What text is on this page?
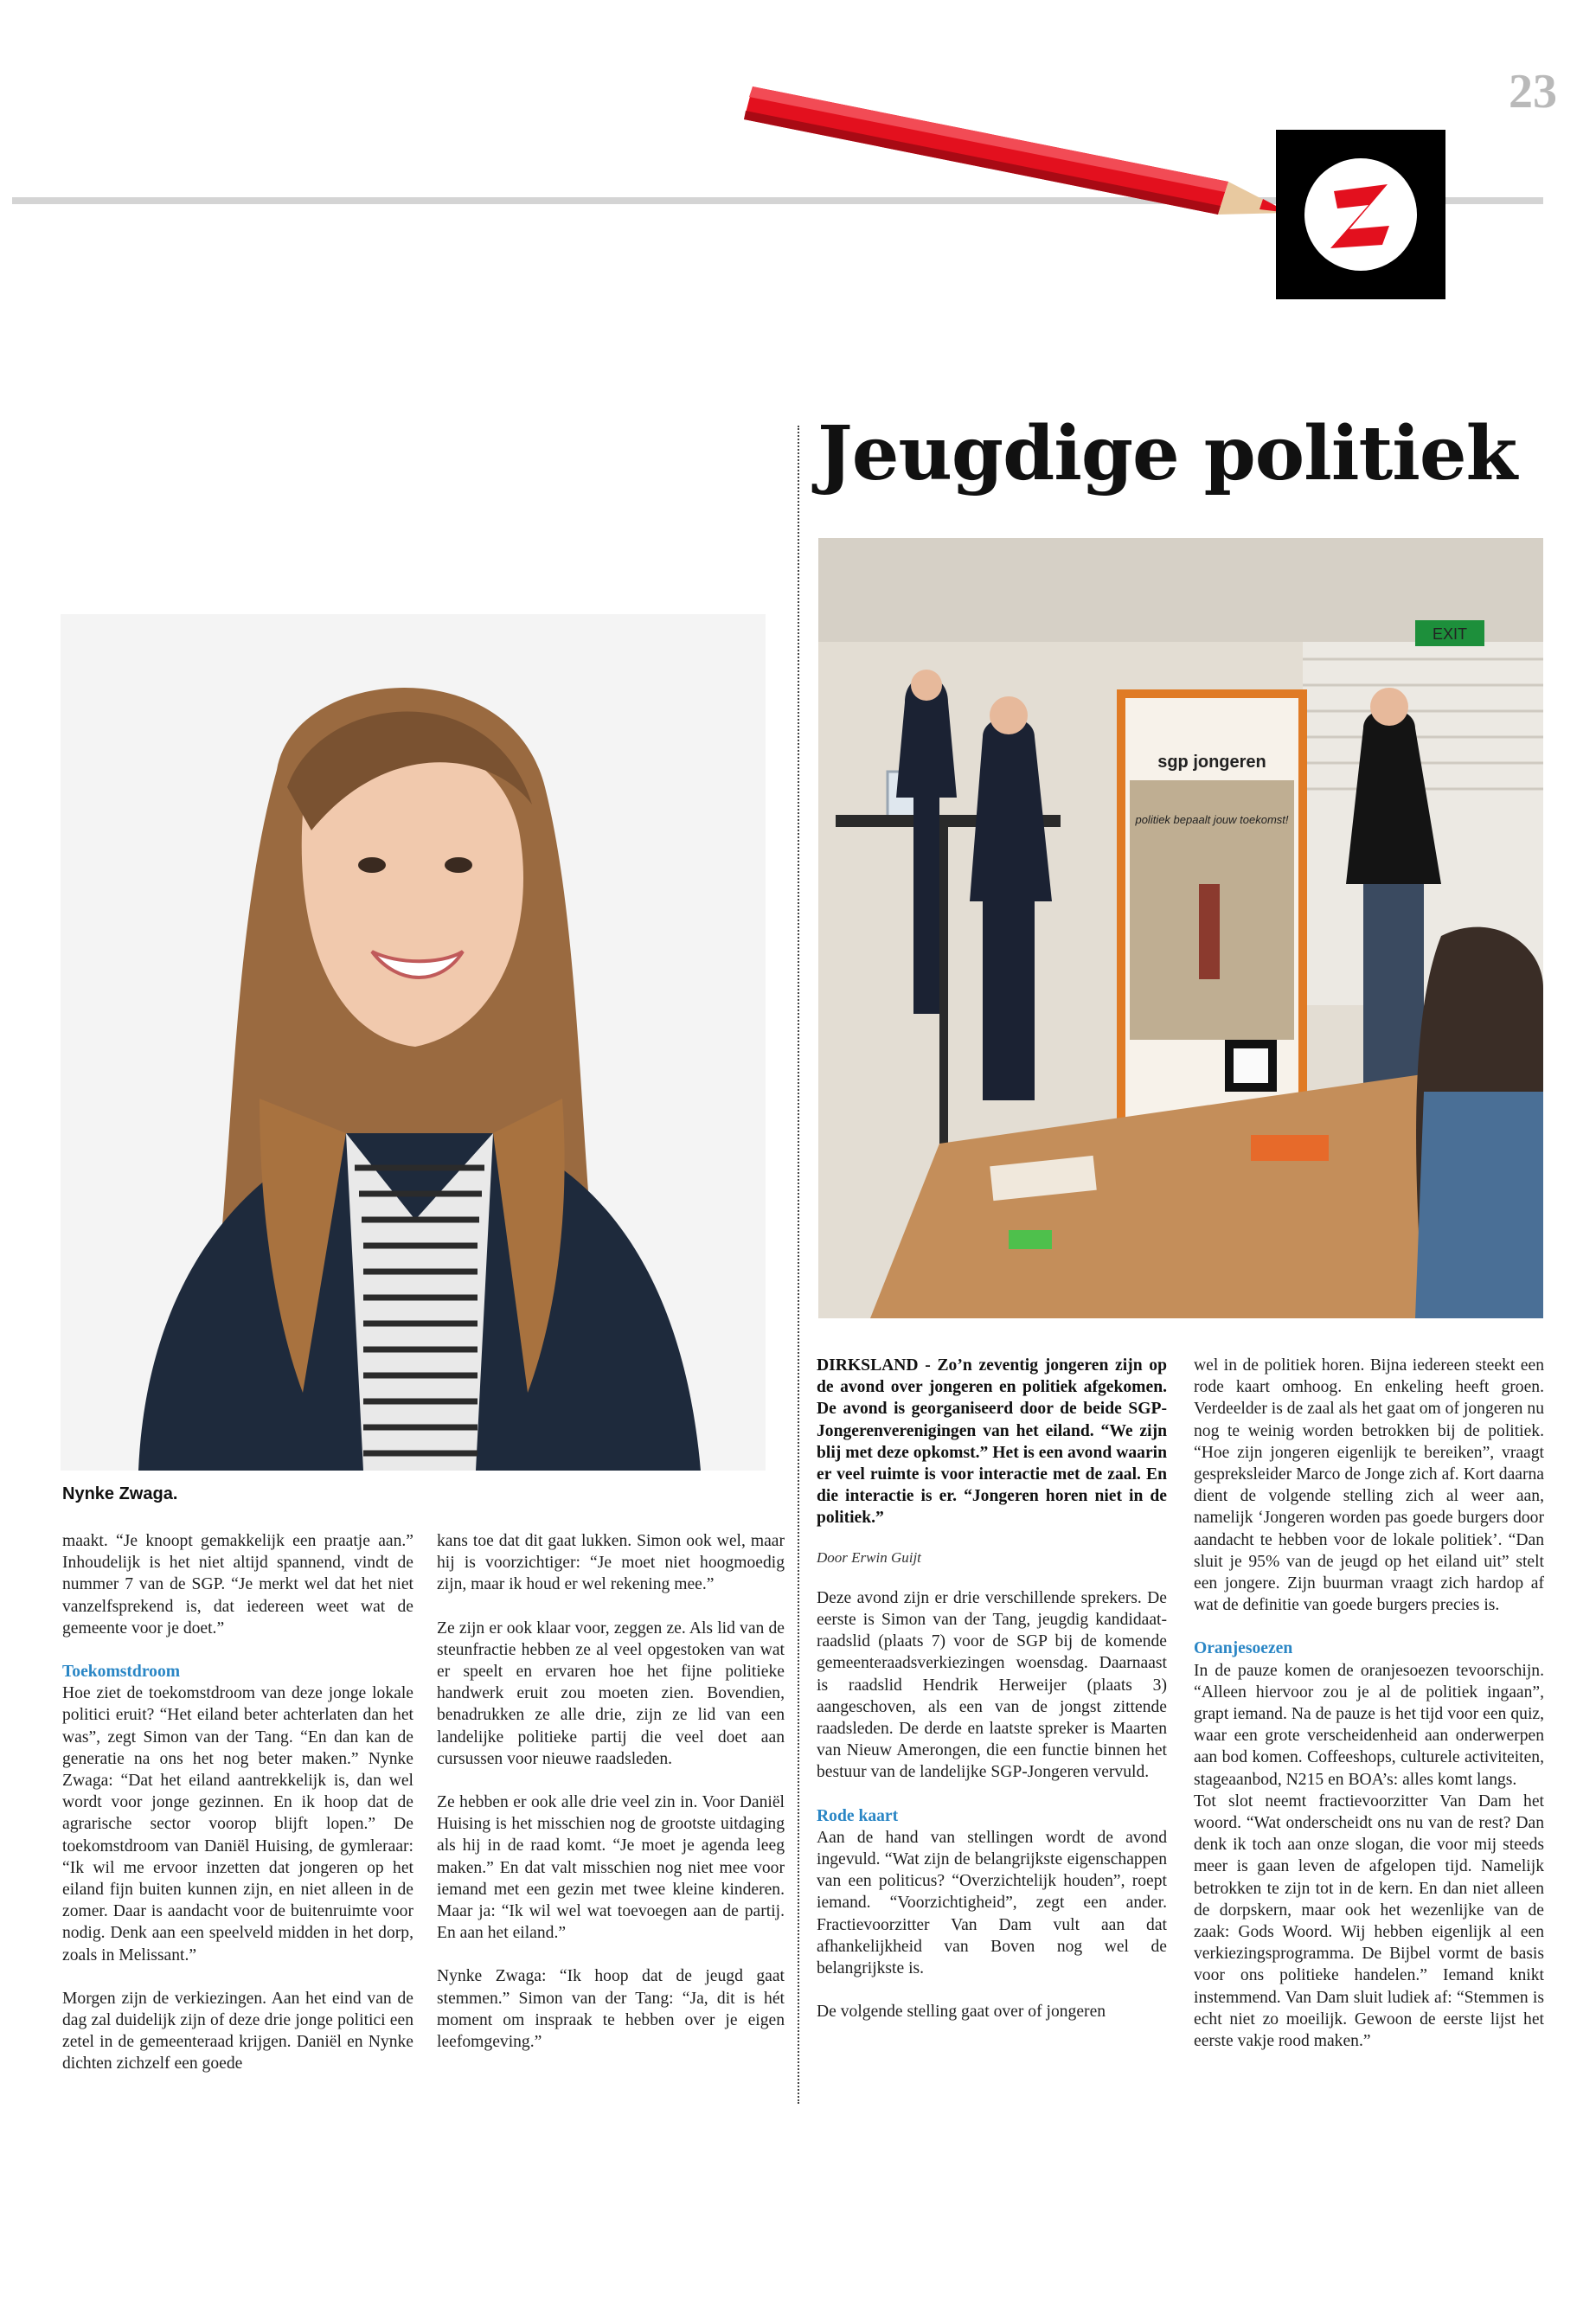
23
Jeugdige politiek
Nynke Zwaga.
EXIT
sgp jongeren
politiek bepaalt jouw toekomst!

maakt. “Je knoopt gemakkelijk een praatje aan.” Inhoudelijk is het niet altijd spannend, vindt de nummer 7 van de SGP. “Je merkt wel dat het niet vanzelfsprekend is, dat iedereen weet wat de gemeente voor je doet.”

Toekomstdroom
Hoe ziet de toekomstdroom van deze jonge lokale politici eruit? “Het eiland beter achterlaten dan het was”, zegt Simon van der Tang. “En dan kan de generatie na ons het nog beter maken.” Nynke Zwaga: “Dat het eiland aantrekkelijk is, dan wel wordt voor jonge gezinnen. En ik hoop dat de agrarische sector voorop blijft lopen.” De toekomstdroom van Daniël Huising, de gymleraar: “Ik wil me ervoor inzetten dat jongeren op het eiland fijn buiten kunnen zijn, en niet alleen in de zomer. Daar is aandacht voor de buitenruimte voor nodig. Denk aan een speelveld midden in het dorp, zoals in Melissant.”

Morgen zijn de verkiezingen. Aan het eind van de dag zal duidelijk zijn of deze drie jonge politici een zetel in de gemeenteraad krijgen. Daniël en Nynke dichten zichzelf een goede

kans toe dat dit gaat lukken. Simon ook wel, maar hij is voorzichtiger: “Je moet niet hoogmoedig zijn, maar ik houd er wel rekening mee.”

Ze zijn er ook klaar voor, zeggen ze. Als lid van de steunfractie hebben ze al veel opgestoken van wat er speelt en ervaren hoe het fijne politieke handwerk eruit zou moeten zien. Bovendien, benadrukken ze alle drie, zijn ze lid van een landelijke politieke partij die veel doet aan cursussen voor nieuwe raadsleden.

Ze hebben er ook alle drie veel zin in. Voor Daniël Huising is het misschien nog de grootste uitdaging als hij in de raad komt. “Je moet je agenda leeg maken.” En dat valt misschien nog niet mee voor iemand met een gezin met twee kleine kinderen. Maar ja: “Ik wil wel wat toevoegen aan de partij. En aan het eiland.”

Nynke Zwaga: “Ik hoop dat de jeugd gaat stemmen.” Simon van der Tang: “Ja, dit is hét moment om inspraak te hebben over je eigen leefomgeving.”

DIRKSLAND - Zo’n zeventig jongeren zijn op de avond over jongeren en politiek afgekomen. De avond is georganiseerd door de beide SGP-Jongerenverenigingen van het eiland. “We zijn blij met deze opkomst.” Het is een avond waarin er veel ruimte is voor interactie met de zaal. En die interactie is er. “Jongeren horen niet in de politiek.”

Door Erwin Guijt

Deze avond zijn er drie verschillende sprekers. De eerste is Simon van der Tang, jeugdig kandidaat-raadslid (plaats 7) voor de SGP bij de komende gemeenteraadsverkiezingen woensdag. Daarnaast is raadslid Hendrik Herweijer (plaats 3) aangeschoven, als een van de jongst zittende raadsleden. De derde en laatste spreker is Maarten van Nieuw Amerongen, die een functie binnen het bestuur van de landelijke SGP-Jongeren vervuld.

Rode kaart
Aan de hand van stellingen wordt de avond ingevuld. “Wat zijn de belangrijkste eigenschappen van een politicus? “Overzichtelijk houden”, roept iemand. “Voorzichtigheid”, zegt een ander. Fractievoorzitter Van Dam vult aan dat afhankelijkheid van Boven nog wel de belangrijkste is.

De volgende stelling gaat over of jongeren

wel in de politiek horen. Bijna iedereen steekt een rode kaart omhoog. En enkeling heeft groen. Verdeelder is de zaal als het gaat om of jongeren nu nog te weinig worden betrokken bij de politiek. “Hoe zijn jongeren eigenlijk te bereiken”, vraagt gespreksleider Marco de Jonge zich af. Kort daarna dient de volgende stelling zich al weer aan, namelijk ‘Jongeren worden pas goede burgers door aandacht te hebben voor de lokale politiek’. “Dan sluit je 95% van de jeugd op het eiland uit” stelt een jongere. Zijn buurman vraagt zich hardop af wat de definitie van goede burgers precies is.

Oranjesoezen
In de pauze komen de oranjesoezen tevoorschijn. “Alleen hiervoor zou je al de politiek ingaan”, grapt iemand. Na de pauze is het tijd voor een quiz, waar een grote verscheidenheid aan onderwerpen aan bod komen. Coffeeshops, culturele activiteiten, stageaanbod, N215 en BOA’s: alles komt langs.
Tot slot neemt fractievoorzitter Van Dam het woord. “Wat onderscheidt ons nu van de rest? Dan denk ik toch aan onze slogan, die voor mij steeds meer is gaan leven de afgelopen tijd. Namelijk betrokken te zijn tot in de kern. En dan niet alleen de dorpskern, maar ook het wezenlijke van de zaak: Gods Woord. Wij hebben eigenlijk al een verkiezingsprogramma. De Bijbel vormt de basis voor ons politieke handelen.” Iemand knikt instemmend. Van Dam sluit ludiek af: “Stemmen is echt niet zo moeilijk. Gewoon de eerste lijst het eerste vakje rood maken.”
